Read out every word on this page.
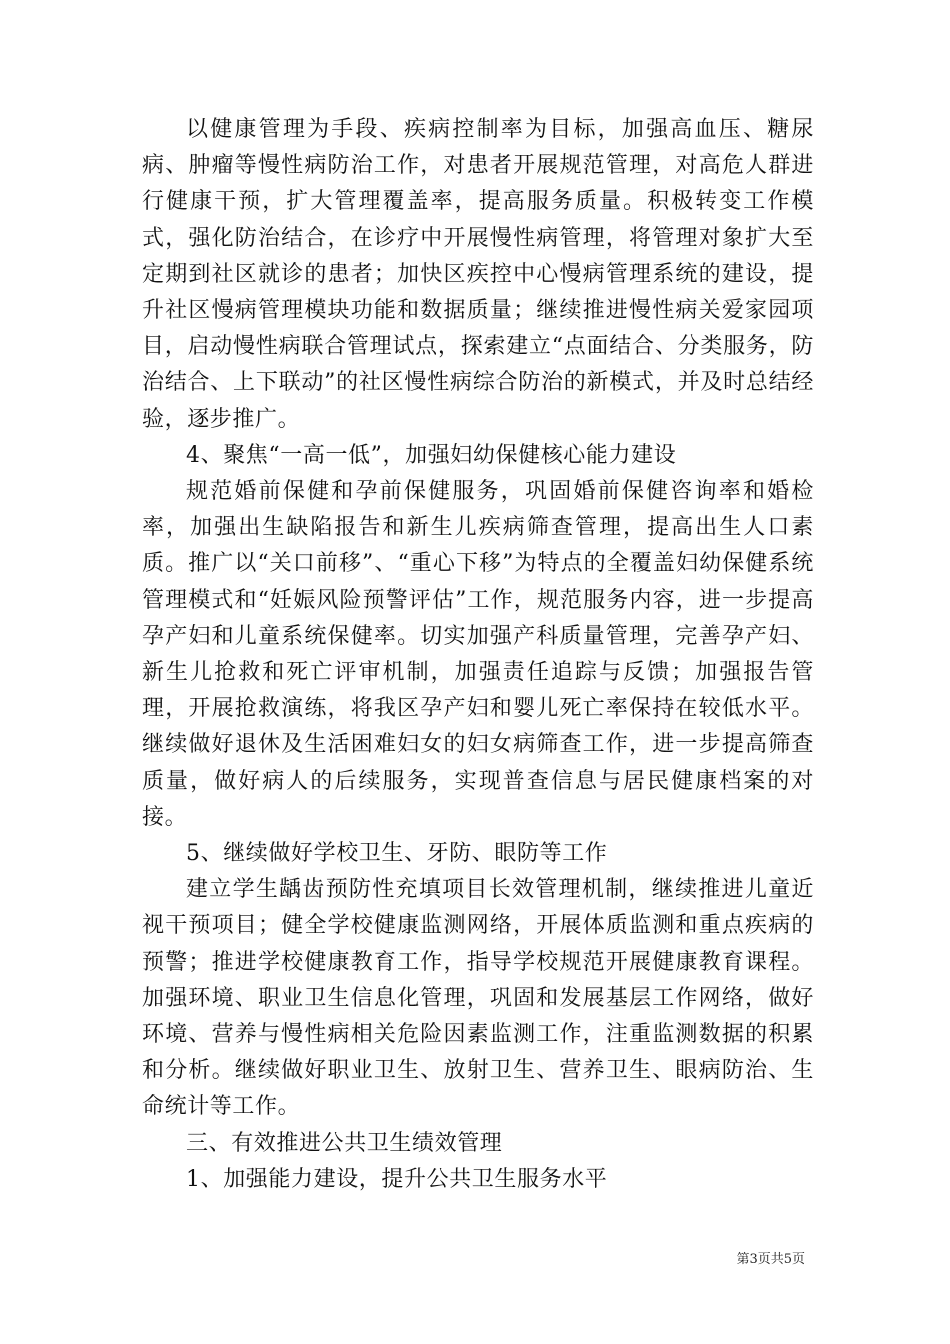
以健康管理为手段、疾病控制率为目标，加强高血压、糖尿病、肿瘤等慢性病防治工作，对患者开展规范管理，对高危人群进行健康干预，扩大管理覆盖率，提高服务质量。积极转变工作模式，强化防治结合，在诊疗中开展慢性病管理，将管理对象扩大至定期到社区就诊的患者；加快区疾控中心慢病管理系统的建设，提升社区慢病管理模块功能和数据质量；继续推进慢性病关爱家园项目，启动慢性病联合管理试点，探索建立“点面结合、分类服务，防治结合、上下联动”的社区慢性病综合防治的新模式，并及时总结经验，逐步推广。

4、聚焦“一高一低”，加强妇幼保健核心能力建设

规范婚前保健和孕前保健服务，巩固婚前保健咨询率和婚检率，加强出生缺陷报告和新生儿疾病筛查管理，提高出生人口素质。推广以“关口前移”、“重心下移”为特点的全覆盖妇幼保健系统管理模式和“妊娠风险预警评估”工作，规范服务内容，进一步提高孕产妇和儿童系统保健率。切实加强产科质量管理，完善孕产妇、新生儿抢救和死亡评审机制，加强责任追踪与反馈；加强报告管理，开展抢救演练，将我区孕产妇和婴儿死亡率保持在较低水平。继续做好退休及生活困难妇女的妇女病筛查工作，进一步提高筛查质量，做好病人的后续服务，实现普查信息与居民健康档案的对接。

5、继续做好学校卫生、牙防、眼防等工作

建立学生龋齿预防性充填项目长效管理机制，继续推进儿童近视干预项目；健全学校健康监测网络，开展体质监测和重点疾病的预警；推进学校健康教育工作，指导学校规范开展健康教育课程。加强环境、职业卫生信息化管理，巩固和发展基层工作网络，做好环境、营养与慢性病相关危险因素监测工作，注重监测数据的积累和分析。继续做好职业卫生、放射卫生、营养卫生、眼病防治、生命统计等工作。

三、有效推进公共卫生绩效管理

1、加强能力建设，提升公共卫生服务水平

第3页共5页
